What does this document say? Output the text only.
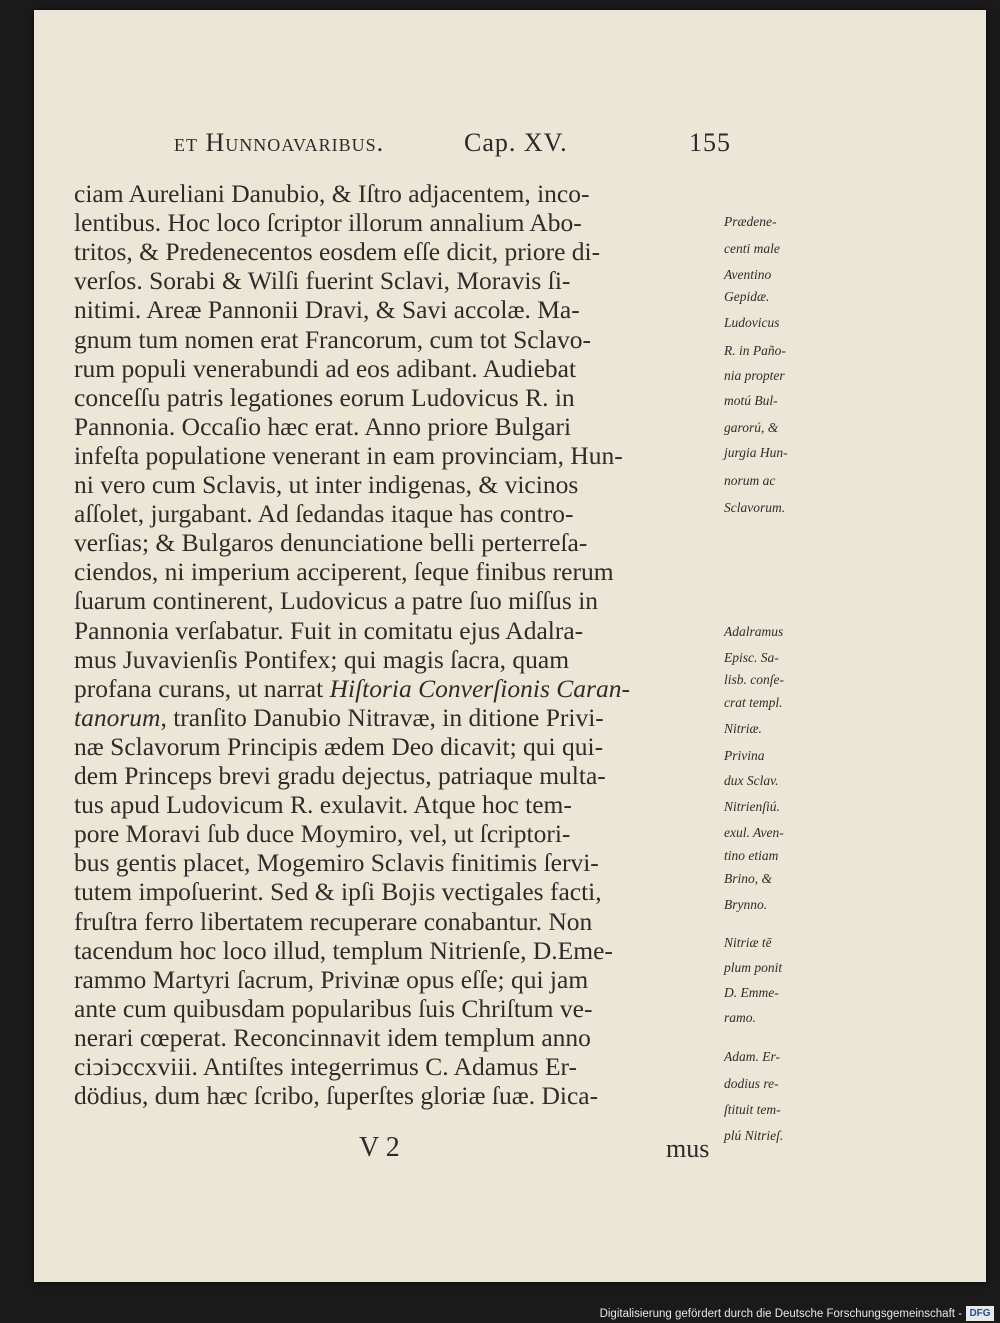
et Hunnoavaribus.	Cap. XV.	155
ciam Aureliani Danubio, & Iſtro adjacentem, inco-
lentibus. Hoc loco ſcriptor illorum annalium Abo-
tritos, & Predenecentos eosdem eſſe dicit, priore di-
verſos. Sorabi & Wilſi fuerint Sclavi, Moravis ſi-
nitimi. Areæ Pannonii Dravi, & Savi accolæ. Ma-
gnum tum nomen erat Francorum, cum tot Sclavo-
rum populi venerabundi ad eos adibant. Audiebat
conceſſu patris legationes eorum Ludovicus R. in
Pannonia. Occaſio hæc erat. Anno priore Bulgari
infeſta populatione venerant in eam provinciam, Hun-
ni vero cum Sclavis, ut inter indigenas, & vicinos
aſſolet, jurgabant. Ad ſedandas itaque has contro-
verſias; & Bulgaros denunciatione belli perterreſa-
ciendos, ni imperium acciperent, ſeque finibus rerum
ſuarum continerent, Ludovicus a patre ſuo miſſus in
Pannonia verſabatur. Fuit in comitatu ejus Adalra-
mus Juvavienſis Pontifex; qui magis ſacra, quam
profana curans, ut narrat Hiſtoria Converſionis Caran-
tanorum, tranſito Danubio Nitravæ, in ditione Privi-
næ Sclavorum Principis ædem Deo dicavit; qui qui-
dem Princeps brevi gradu dejectus, patriaque multa-
tus apud Ludovicum R. exulavit. Atque hoc tem-
pore Moravi ſub duce Moymiro, vel, ut ſcriptori-
bus gentis placet, Mogemiro Sclavis finitimis ſervi-
tutem impoſuerint. Sed & ipſi Bojis vectigales facti,
fruſtra ferro libertatem recuperare conabantur. Non
tacendum hoc loco illud, templum Nitrienſe, D.Eme-
rammo Martyri ſacrum, Privinæ opus eſſe; qui jam
ante cum quibusdam popularibus ſuis Chriſtum ve-
nerari cœperat. Reconcinnavit idem templum anno
ciↄiↄccxviii. Antiſtes integerrimus C. Adamus Er-
dödius, dum hæc ſcribo, ſuperſtes gloriæ ſuæ. Dica-
Prædene-
centi male
Aventino
Gepidæ.
Ludovicus
R. in Paño-
nia propter
motú Bul-
garorú, &
jurgia Hun-
norum ac
Sclavorum.
Adalramus
Episc. Sa-
lisb. conſe-
crat templ.
Nitriæ.
Privina
dux Sclav.
Nitrienſiú.
exul. Aven-
tino etiam
Brino, &
Brynno.
Nitriæ tē
plum ponit
D. Emme-
ramo.
Adam. Er-
dodius re-
ſtituit tem-
plú Nitrieſ.
V 2	mus
Digitalisierung gefördert durch die Deutsche Forschungsgemeinschaft - DFG
